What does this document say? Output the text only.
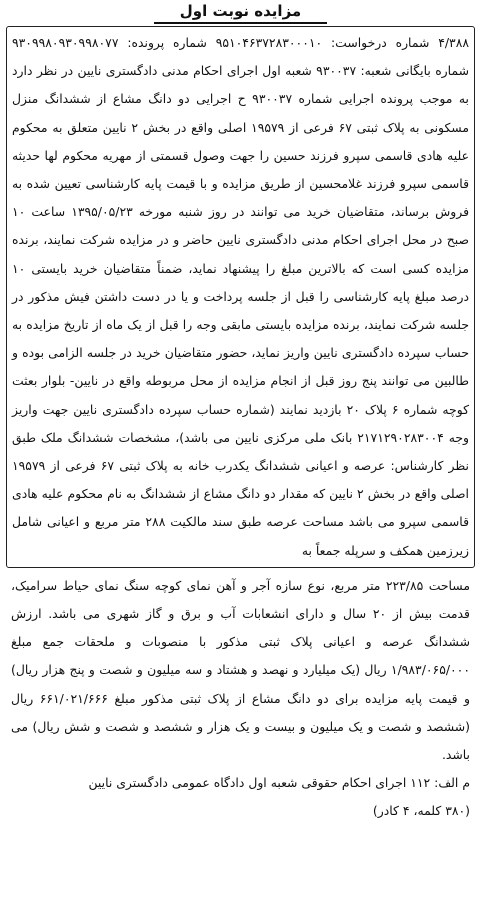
مزایده نوبت اول

۴/۳۸۸ شماره درخواست: ۹۵۱۰۴۶۳۷۲۸۳۰۰۰۱۰ شماره پرونده: ۹۳۰۹۹۸۰۹۳۰۹۹۸۰۷۷ شماره بایگانی شعبه: ۹۳۰۰۳۷ شعبه اول اجرای احکام مدنی دادگستری نایین در نظر دارد به موجب پرونده اجرایی شماره ۹۳۰۰۳۷ ح اجرایی دو دانگ مشاع از ششدانگ منزل مسکونی به پلاک ثبتی ۶۷ فرعی از ۱۹۵۷۹ اصلی واقع در بخش ۲ نایین متعلق به محکوم علیه هادی قاسمی سپرو فرزند حسین را جهت وصول قسمتی از مهریه محکوم لها حدیثه قاسمی سپرو فرزند غلامحسین از طریق مزایده و با قیمت پایه کارشناسی تعیین شده به فروش برساند، متقاضیان خرید می توانند در روز شنبه مورخه ۱۳۹۵/۰۵/۲۳ ساعت ۱۰ صبح در محل اجرای احکام مدنی دادگستری نایین حاضر و در مزایده شرکت نمایند، برنده مزایده کسی است که بالاترین مبلغ را پیشنهاد نماید، ضمناً متقاضیان خرید بایستی ۱۰ درصد مبلغ پایه کارشناسی را قبل از جلسه پرداخت و یا در دست داشتن فیش مذکور در جلسه شرکت نمایند، برنده مزایده بایستی مابقی وجه را قبل از یک ماه از تاریخ مزایده به حساب سپرده دادگستری نایین واریز نماید، حضور متقاضیان خرید در جلسه الزامی بوده و طالبین می توانند پنج روز قبل از انجام مزایده از محل مربوطه واقع در نایین- بلوار بعثت کوچه شماره ۶ پلاک ۲۰ بازدید نمایند (شماره حساب سپرده دادگستری نایین جهت واریز وجه ۲۱۷۱۲۹۰۲۸۳۰۰۴ بانک ملی مرکزی نایین می باشد)، مشخصات ششدانگ ملک طبق نظر کارشناس: عرصه و اعیانی ششدانگ یکدرب خانه به پلاک ثبتی ۶۷ فرعی از ۱۹۵۷۹ اصلی واقع در بخش ۲ نایین که مقدار دو دانگ مشاع از ششدانگ به نام محکوم علیه هادی قاسمی سپرو می باشد مساحت عرصه طبق سند مالکیت ۲۸۸ متر مربع و اعیانی شامل زیرزمین همکف و سرپله جمعاً به

مساحت ۲۲۳/۸۵ متر مربع، نوع سازه آجر و آهن نمای کوچه سنگ نمای حیاط سرامیک، قدمت بیش از ۲۰ سال و دارای انشعابات آب و برق و گاز شهری می باشد. ارزش ششدانگ عرصه و اعیانی پلاک ثبتی مذکور با منصوبات و ملحقات جمع مبلغ ۱/۹۸۳/۰۶۵/۰۰۰ ریال (یک میلیارد و نهصد و هشتاد و سه میلیون و شصت و پنج هزار ریال) و قیمت پایه مزایده برای دو دانگ مشاع از پلاک ثبتی مذکور مبلغ ۶۶۱/۰۲۱/۶۶۶ ریال (ششصد و شصت و یک میلیون و بیست و یک هزار و ششصد و شصت و شش ریال) می باشد.

م الف: ۱۱۲ اجرای احکام حقوقی شعبه اول دادگاه عمومی دادگستری نایین

(۳۸۰ کلمه، ۴ کادر)
